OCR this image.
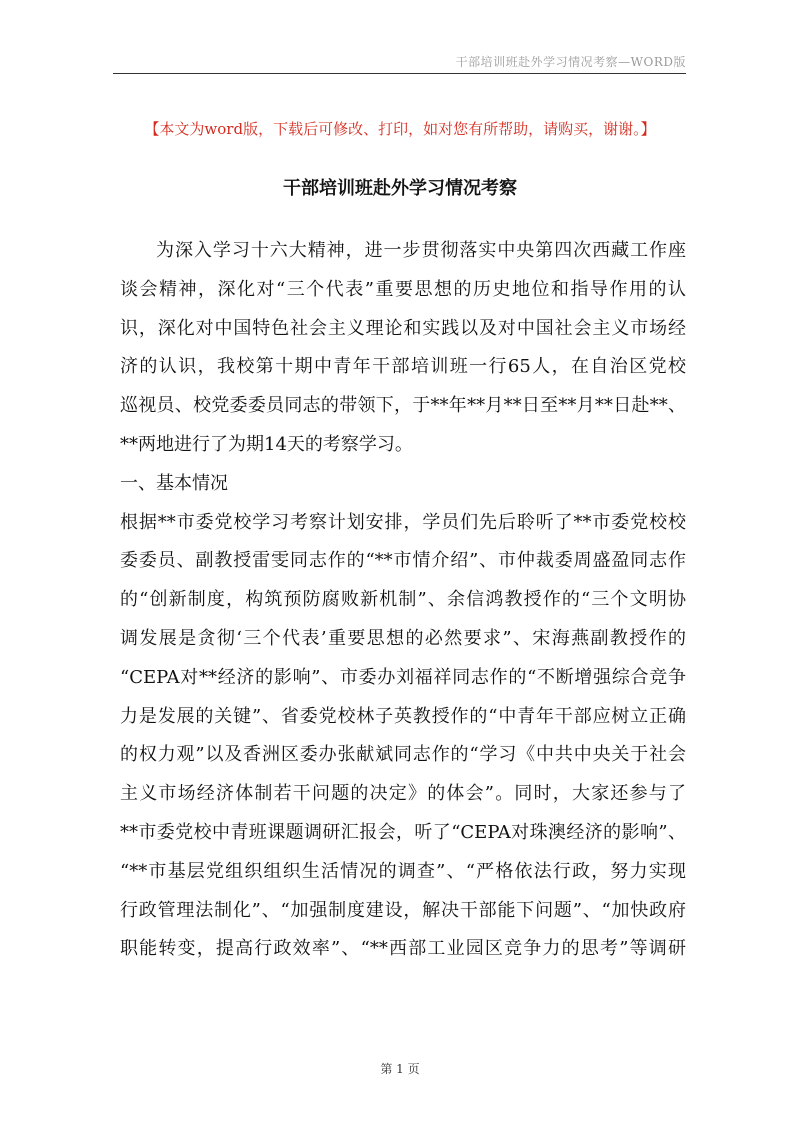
干部培训班赴外学习情况考察—WORD版
【本文为word版，下载后可修改、打印，如对您有所帮助，请购买，谢谢。】
干部培训班赴外学习情况考察
为深入学习十六大精神，进一步贯彻落实中央第四次西藏工作座
谈会精神，深化对“三个代表”重要思想的历史地位和指导作用的认
识，深化对中国特色社会主义理论和实践以及对中国社会主义市场经
济的认识，我校第十期中青年干部培训班一行65人，在自治区党校
巡视员、校党委委员同志的带领下，于**年**月**日至**月**日赴**、
**两地进行了为期14天的考察学习。
一、基本情况
根据**市委党校学习考察计划安排，学员们先后聆听了**市委党校校
委委员、副教授雷雯同志作的“**市情介绍”、市仲裁委周盛盈同志作
的“创新制度，构筑预防腐败新机制”、余信鸿教授作的“三个文明协
调发展是贪彻‘三个代表’重要思想的必然要求”、宋海燕副教授作的
“CEPA对**经济的影响”、市委办刘福祥同志作的“不断增强综合竞争
力是发展的关键”、省委党校林子英教授作的“中青年干部应树立正确
的权力观”以及香洲区委办张献斌同志作的“学习《中共中央关于社会
主义市场经济体制若干问题的决定》的体会”。同时，大家还参与了
**市委党校中青班课题调研汇报会，听了“CEPA对珠澳经济的影响”、
“**市基层党组织组织生活情况的调查”、“严格依法行政，努力实现
行政管理法制化”、“加强制度建设，解决干部能下问题”、“加快政府
职能转变，提高行政效率”、“**西部工业园区竞争力的思考”等调研
第 1 页
